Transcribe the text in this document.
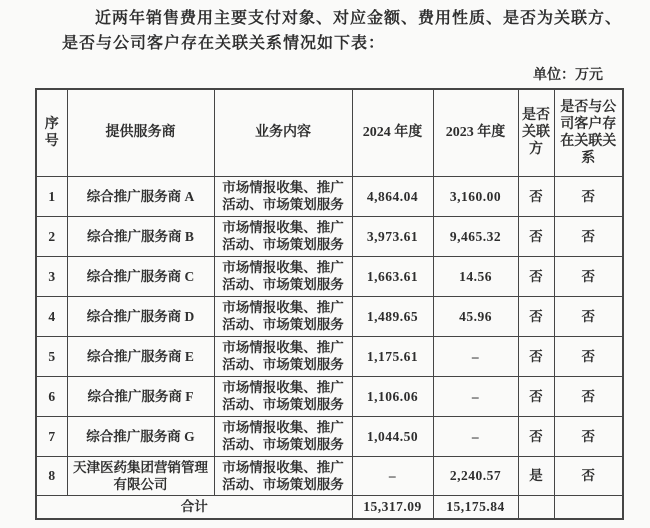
近两年销售费用主要支付对象、对应金额、费用性质、是否为关联方、
是否与公司客户存在关联关系情况如下表：
单位：万元
序号	提供服务商	业务内容	2024 年度	2023 年度	是否关联方	是否与公司客户存在关联关系
1	综合推广服务商 A	市场情报收集、推广活动、市场策划服务	4,864.04	3,160.00	否	否
2	综合推广服务商 B	市场情报收集、推广活动、市场策划服务	3,973.61	9,465.32	否	否
3	综合推广服务商 C	市场情报收集、推广活动、市场策划服务	1,663.61	14.56	否	否
4	综合推广服务商 D	市场情报收集、推广活动、市场策划服务	1,489.65	45.96	否	否
5	综合推广服务商 E	市场情报收集、推广活动、市场策划服务	1,175.61	–	否	否
6	综合推广服务商 F	市场情报收集、推广活动、市场策划服务	1,106.06	–	否	否
7	综合推广服务商 G	市场情报收集、推广活动、市场策划服务	1,044.50	–	否	否
8	天津医药集团营销管理有限公司	市场情报收集、推广活动、市场策划服务	–	2,240.57	是	否
合计			15,317.09	15,175.84		
